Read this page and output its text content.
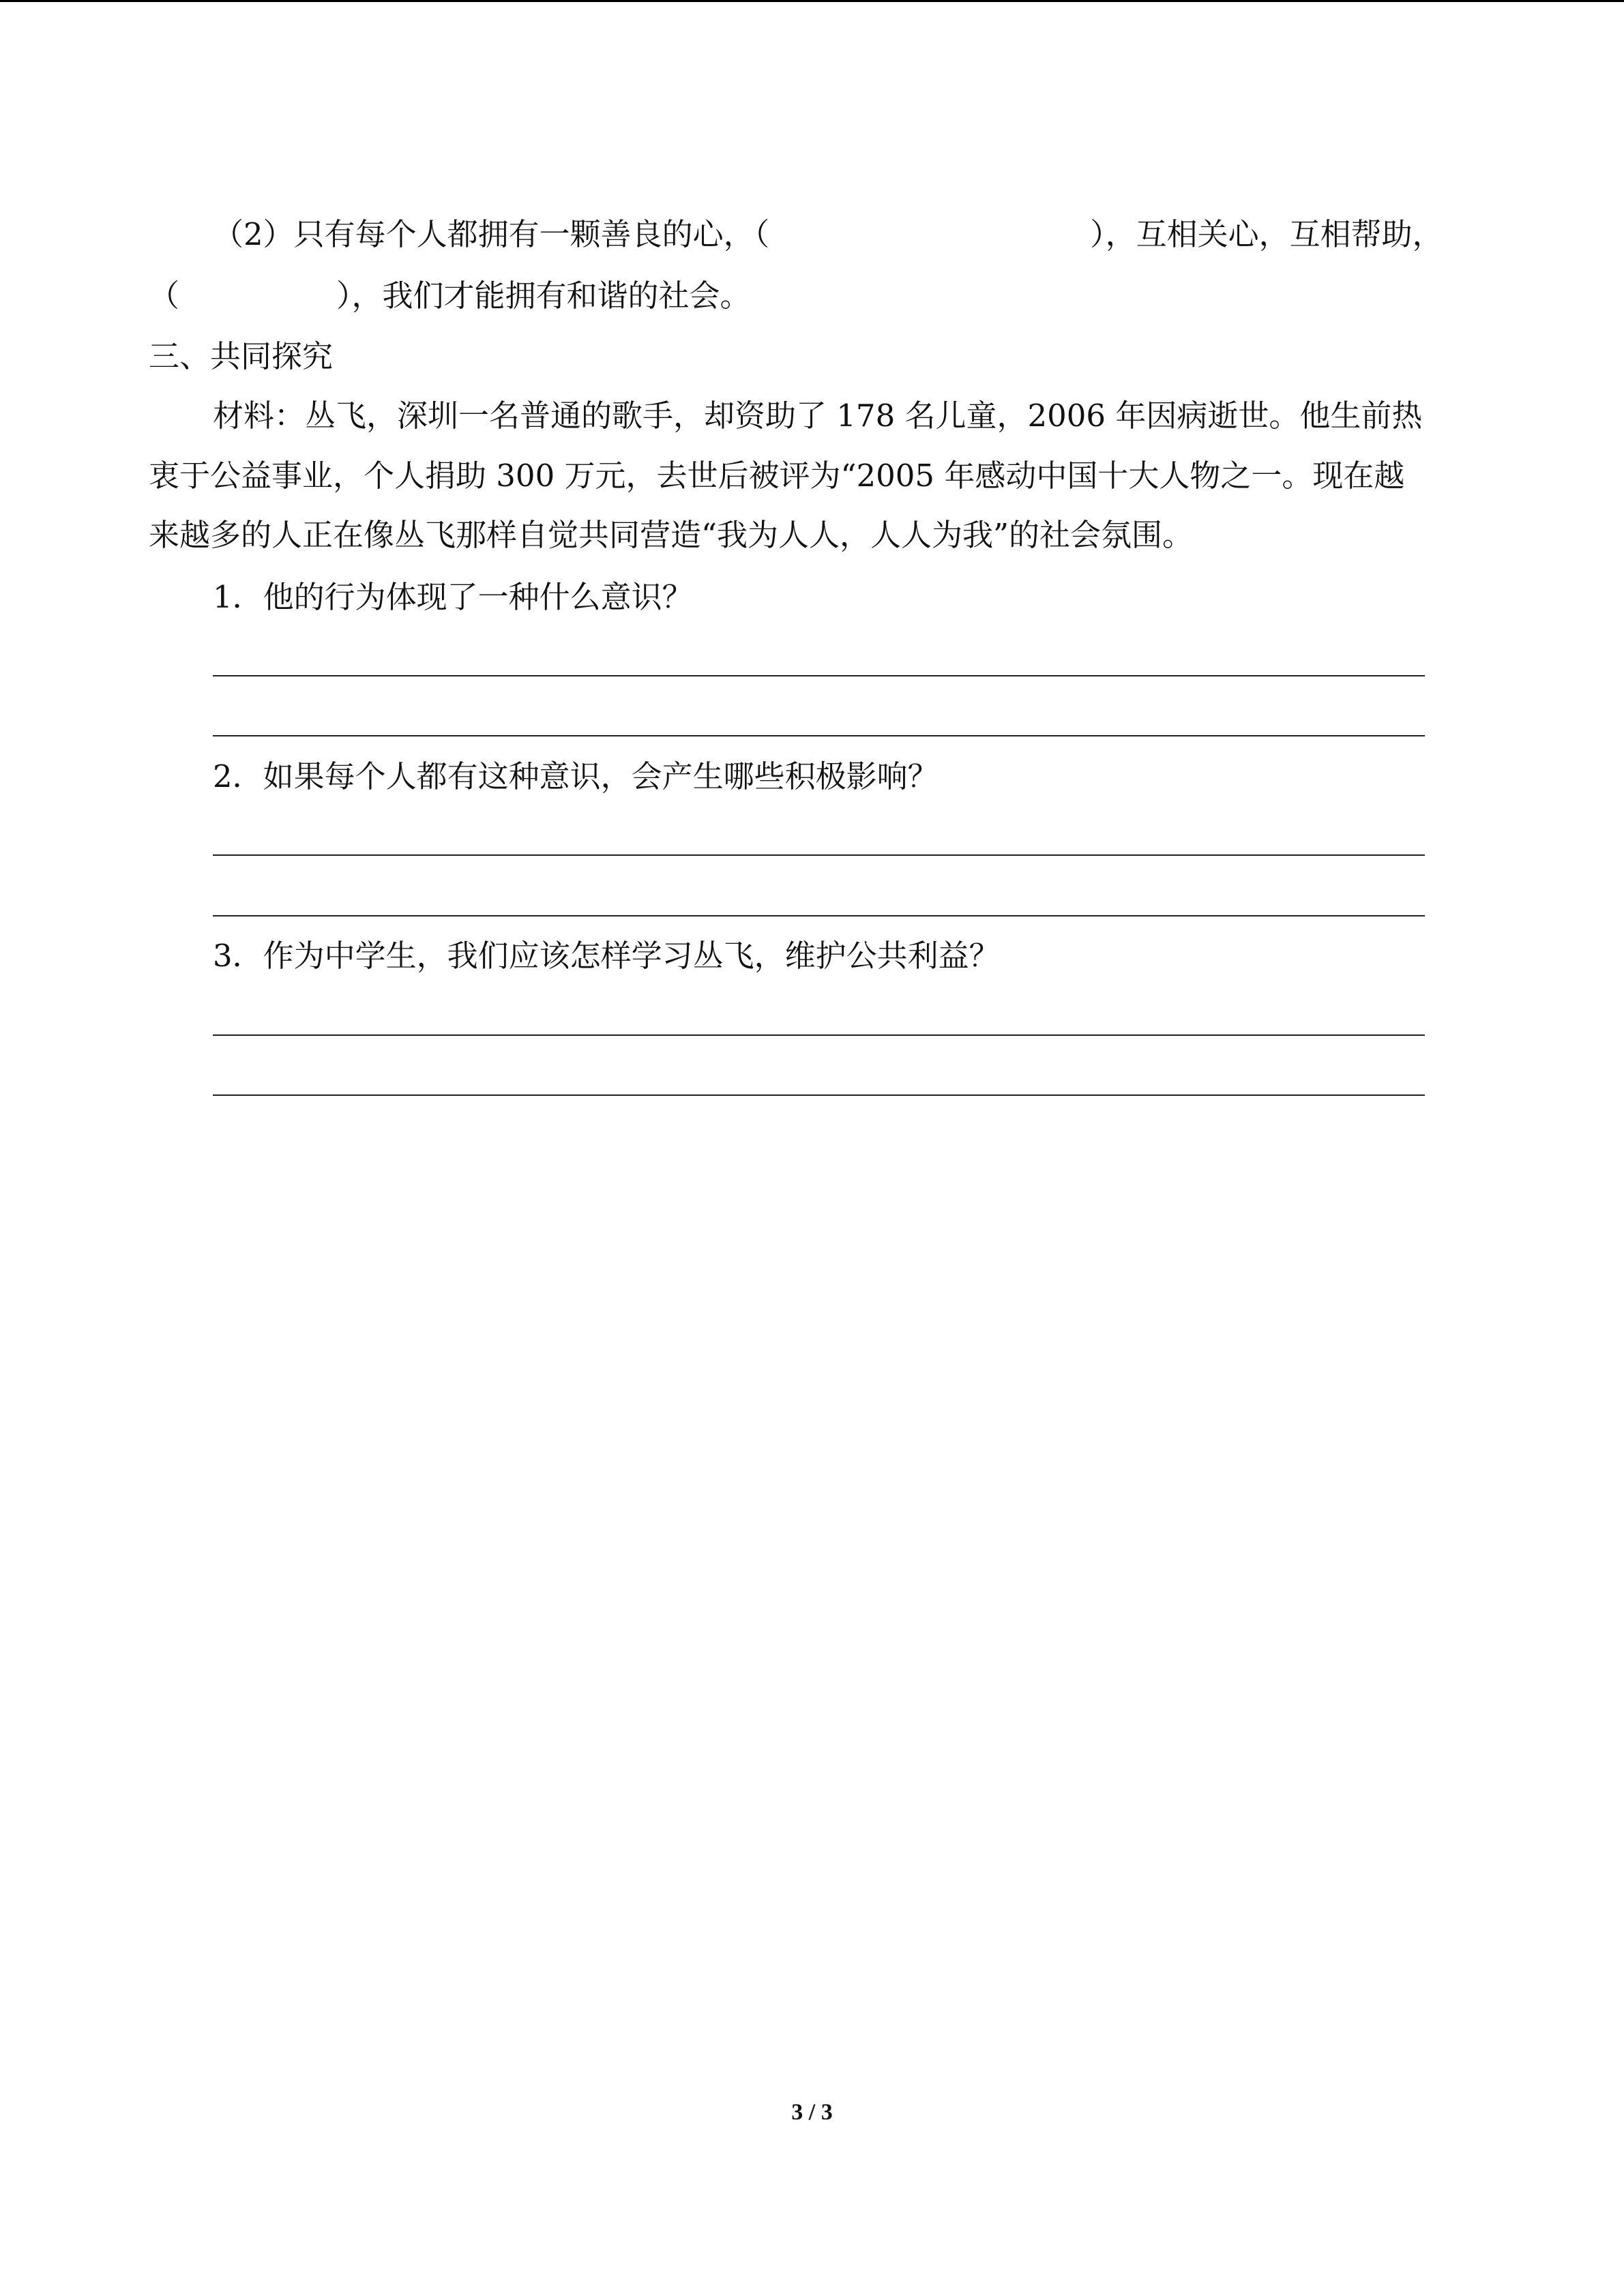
（2）只有每个人都拥有一颗善良的心，（	），互相关心，互相帮助，
（	），我们才能拥有和谐的社会。
三、共同探究
材料：丛飞，深圳一名普通的歌手，却资助了 178 名儿童，2006 年因病逝世。他生前热
衷于公益事业，个人捐助 300 万元，去世后被评为“2005 年感动中国十大人物之一。现在越
来越多的人正在像丛飞那样自觉共同营造“我为人人，人人为我”的社会氛围。
1．他的行为体现了一种什么意识？
2．如果每个人都有这种意识，会产生哪些积极影响？
3．作为中学生，我们应该怎样学习丛飞，维护公共利益？
3 / 3
